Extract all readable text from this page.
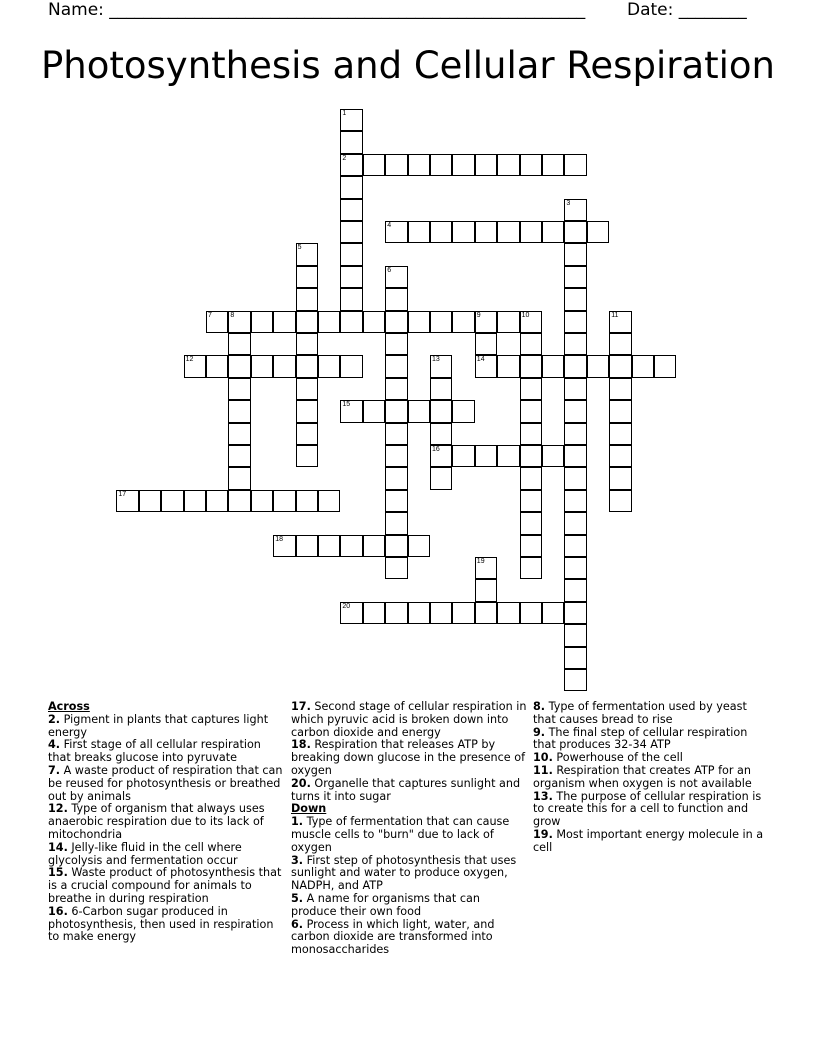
Name: ________________________________________________________ Date: ________
Photosynthesis and Cellular Respiration
1
2
3
4
5
6
7	8	9	10	11
12	13
16
14
15
17
18
19
20
Across
2. Pigment in plants that captures light energy
4. First stage of all cellular respiration that breaks glucose into pyruvate
7. A waste product of respiration that can be reused for photosynthesis or breathed out by animals
12. Type of organism that always uses anaerobic respiration due to its lack of mitochondria
14. Jelly-like fluid in the cell where glycolysis and fermentation occur
15. Waste product of photosynthesis that is a crucial compound for animals to breathe in during respiration
16. 6-Carbon sugar produced in photosynthesis, then used in respiration to make energy
17. Second stage of cellular respiration in which pyruvic acid is broken down into carbon dioxide and energy
18. Respiration that releases ATP by breaking down glucose in the presence of oxygen
20. Organelle that captures sunlight and turns it into sugar
Down
1. Type of fermentation that can cause muscle cells to "burn" due to lack of oxygen
3. First step of photosynthesis that uses sunlight and water to produce oxygen, NADPH, and ATP
5. A name for organisms that can produce their own food
6. Process in which light, water, and carbon dioxide are transformed into monosaccharides
8. Type of fermentation used by yeast that causes bread to rise
9. The final step of cellular respiration that produces 32-34 ATP
10. Powerhouse of the cell
11. Respiration that creates ATP for an organism when oxygen is not available
13. The purpose of cellular respiration is to create this for a cell to function and grow
19. Most important energy molecule in a cell
